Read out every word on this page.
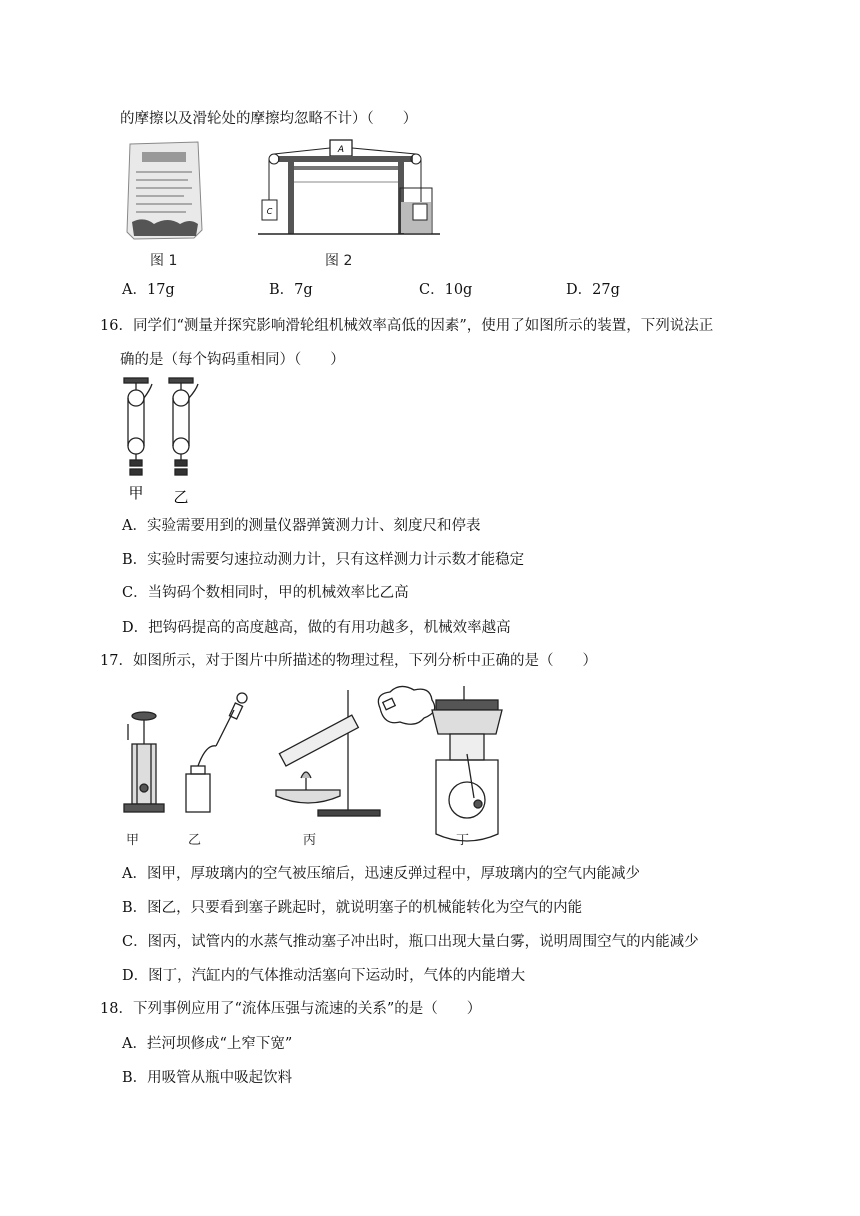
的摩擦以及滑轮处的摩擦均忽略不计）（　　）
图 1
A
C
图 2
A．17g	B．7g	C．10g	D．27g
16．同学们“测量并探究影响滑轮组机械效率高低的因素”，使用了如图所示的装置，下列说法正
确的是（每个钩码重相同）（　　）
甲 乙
A．实验需要用到的测量仪器弹簧测力计、刻度尺和停表
B．实验时需要匀速拉动测力计，只有这样测力计示数才能稳定
C．当钩码个数相同时，甲的机械效率比乙高
D．把钩码提高的高度越高，做的有用功越多，机械效率越高
17．如图所示，对于图片中所描述的物理过程，下列分析中正确的是（　　）
甲	乙	丙	丁
A．图甲，厚玻璃内的空气被压缩后，迅速反弹过程中，厚玻璃内的空气内能减少
B．图乙，只要看到塞子跳起时，就说明塞子的机械能转化为空气的内能
C．图丙，试管内的水蒸气推动塞子冲出时，瓶口出现大量白雾，说明周围空气的内能减少
D．图丁，汽缸内的气体推动活塞向下运动时，气体的内能增大
18．下列事例应用了“流体压强与流速的关系”的是（　　）
A．拦河坝修成“上窄下宽”
B．用吸管从瓶中吸起饮料
